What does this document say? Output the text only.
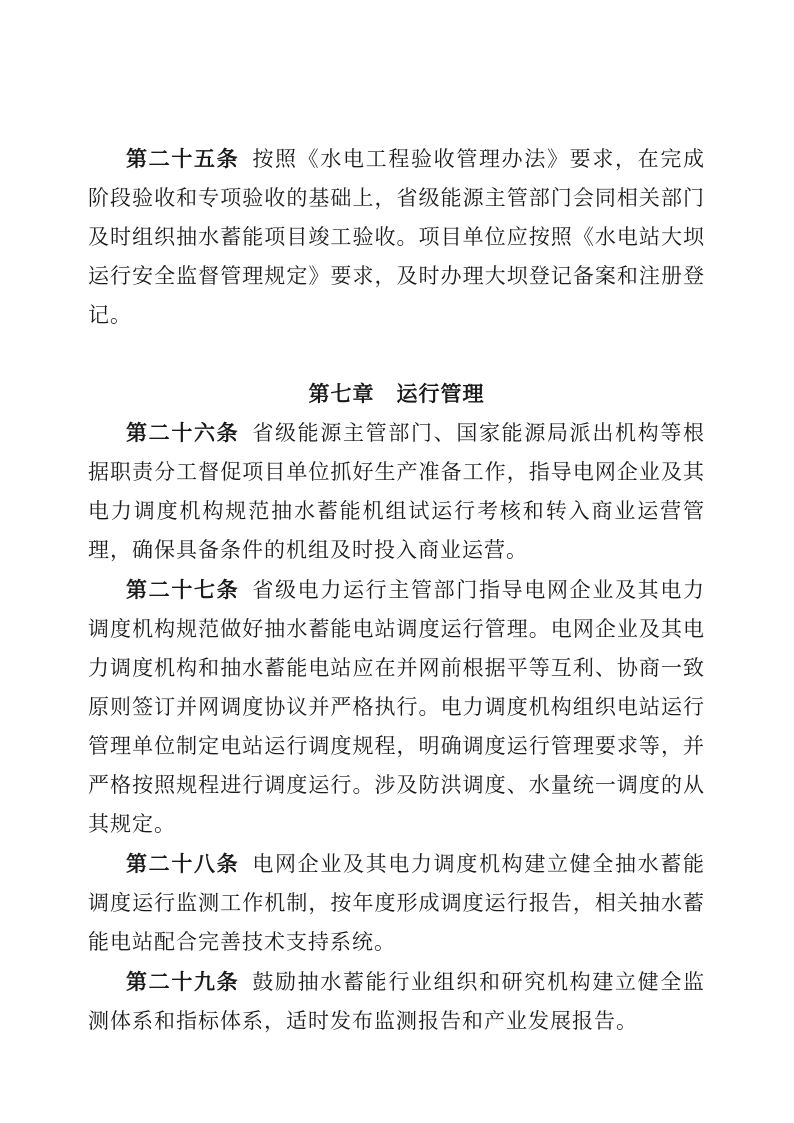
第二十五条 按照《水电工程验收管理办法》要求，在完成阶段验收和专项验收的基础上，省级能源主管部门会同相关部门及时组织抽水蓄能项目竣工验收。项目单位应按照《水电站大坝运行安全监督管理规定》要求，及时办理大坝登记备案和注册登记。

第七章　运行管理

第二十六条 省级能源主管部门、国家能源局派出机构等根据职责分工督促项目单位抓好生产准备工作，指导电网企业及其电力调度机构规范抽水蓄能机组试运行考核和转入商业运营管理，确保具备条件的机组及时投入商业运营。

第二十七条 省级电力运行主管部门指导电网企业及其电力调度机构规范做好抽水蓄能电站调度运行管理。电网企业及其电力调度机构和抽水蓄能电站应在并网前根据平等互利、协商一致原则签订并网调度协议并严格执行。电力调度机构组织电站运行管理单位制定电站运行调度规程，明确调度运行管理要求等，并严格按照规程进行调度运行。涉及防洪调度、水量统一调度的从其规定。

第二十八条 电网企业及其电力调度机构建立健全抽水蓄能调度运行监测工作机制，按年度形成调度运行报告，相关抽水蓄能电站配合完善技术支持系统。

第二十九条 鼓励抽水蓄能行业组织和研究机构建立健全监测体系和指标体系，适时发布监测报告和产业发展报告。
